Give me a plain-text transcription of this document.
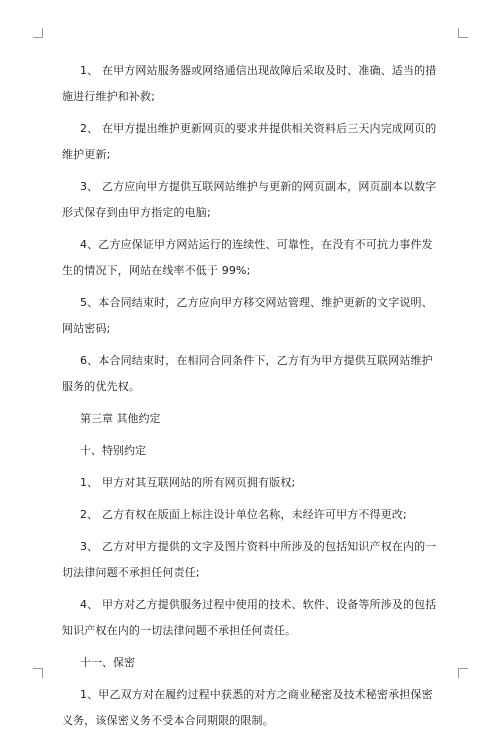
1、 在甲方网站服务器或网络通信出现故障后采取及时、准确、适当的措施进行维护和补救;

2、 在甲方提出维护更新网页的要求并提供相关资料后三天内完成网页的维护更新;

3、 乙方应向甲方提供互联网站维护与更新的网页副本，网页副本以数字形式保存到由甲方指定的电脑;

4、乙方应保证甲方网站运行的连续性、可靠性，在没有不可抗力事件发生的情况下，网站在线率不低于 99%;

5、本合同结束时，乙方应向甲方移交网站管理、维护更新的文字说明、网站密码;

6、本合同结束时，在相同合同条件下，乙方有为甲方提供互联网站维护服务的优先权。

第三章 其他约定

十、特别约定

1、 甲方对其互联网站的所有网页拥有版权;

2、 乙方有权在版面上标注设计单位名称，未经许可甲方不得更改;

3、 乙方对甲方提供的文字及图片资料中所涉及的包括知识产权在内的一切法律问题不承担任何责任;

4、 甲方对乙方提供服务过程中使用的技术、软件、设备等所涉及的包括知识产权在内的一切法律问题不承担任何责任。

十一、保密

1、甲乙双方对在履约过程中获悉的对方之商业秘密及技术秘密承担保密义务，该保密义务不受本合同期限的限制。
